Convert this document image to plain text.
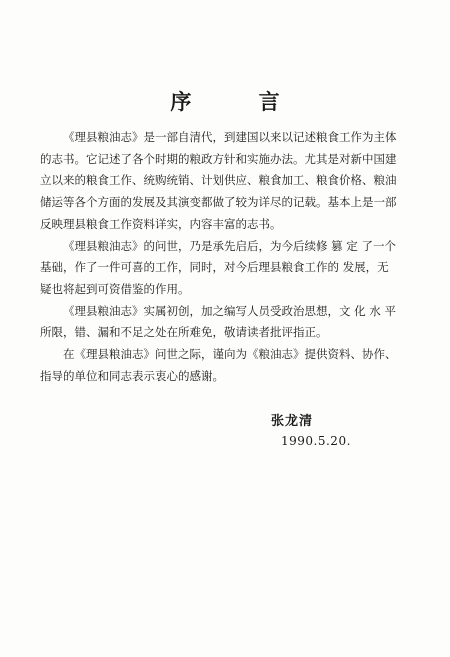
序 言

《理县粮油志》是一部自清代，到建国以来以记述粮食工作为主体
的志书。它记述了各个时期的粮政方针和实施办法。尤其是对新中国建
立以来的粮食工作、统购统销、计划供应、粮食加工、粮食价格、粮油
储运等各个方面的发展及其演变都做了较为详尽的记载。基本上是一部
反映理县粮食工作资料详实，内容丰富的志书。

《理县粮油志》的问世，乃是承先启后，为今后续修 篡 定 了一个
基础，作了一件可喜的工作，同时，对今后理县粮食工作的 发展，无
疑也将起到可资借鉴的作用。

《理县粮油志》实属初创，加之编写人员受政治思想，文 化 水 平
所限，错、漏和不足之处在所难免，敬请读者批评指正。

在《理县粮油志》问世之际，谨向为《粮油志》提供资料、协作、
指导的单位和同志表示衷心的感谢。

张龙清
1990.5.20.
